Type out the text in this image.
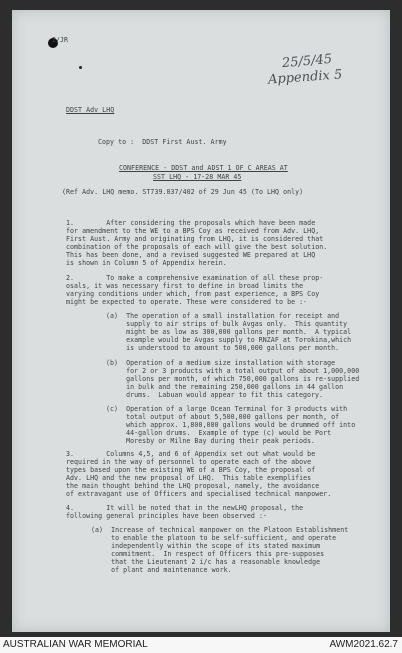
2/JR
25/5/45
Appendix 5
DDST Adv LHQ
Copy to :  DDST First Aust. Army
CONFERENCE - DDST and ADST 1 OF C AREAS AT
SST LHQ - 17-28 MAR 45
(Ref Adv. LHQ memo. ST739.037/402 of 29 Jun 45 (To LHQ only)
1.        After considering the proposals which have been made
for amendment to the WE to a BPS Coy as received from Adv. LHQ,
First Aust. Army and originating from LHQ, it is considered that
combination of the proposals of each will give the best solution.
This has been done, and a revised suggested WE prepared at LHQ
is shown in Column 5 of Appendix herein.
2.        To make a comprehensive examination of all these prop-
osals, it was necessary first to define in broad limits the
varying conditions under which, from past experience, a BPS Coy
might be expected to operate. These were considered to be :-
(a)  The operation of a small installation for receipt and
supply to air strips of bulk Avgas only.  This quantity
might be as low as 300,000 gallons per month.  A typical
example would be Avgas supply to RNZAF at Torokina,which
is understood to amount to 500,000 gallons per month.
(b)  Operation of a medium size installation with storage
for 2 or 3 products with a total output of about 1,000,000
gallons per month, of which 750,000 gallons is re-supplied
in bulk and the remaining 250,000 gallons in 44 gallon
drums.  Labuan would appear to fit this category.
(c)  Operation of a large Ocean Terminal for 3 products with
total output of about 5,500,000 gallons per month, of
which approx. 1,800,000 gallons would be drummed off into
44-gallon drums.  Example of type (c) would be Port
Moresby or Milne Bay during their peak periods.
3.        Columns 4,5, and 6 of Appendix set out what would be
required in the way of personnel to operate each of the above
types based upon the existing WE of a BPS Coy, the proposal of
Adv. LHQ and the new proposal of LHQ.  This table exemplifies
the main thought behind the LHQ proposal, namely, the avoidance
of extravagant use of Officers and specialised technical manpower.
4.        It will be noted that in the newLHQ proposal, the
following general principles have been observed :-
(a)  Increase of technical manpower on the Platoon Establishment
to enable the platoon to be self-sufficient, and operate
independently within the scope of its stated maximum
commitment.  In respect of Officers this pre-supposes
that the Lieutenant 2 i/c has a reasonable knowledge
of plant and maintenance work.
AUSTRALIAN WAR MEMORIAL	AWM2021.62.7
